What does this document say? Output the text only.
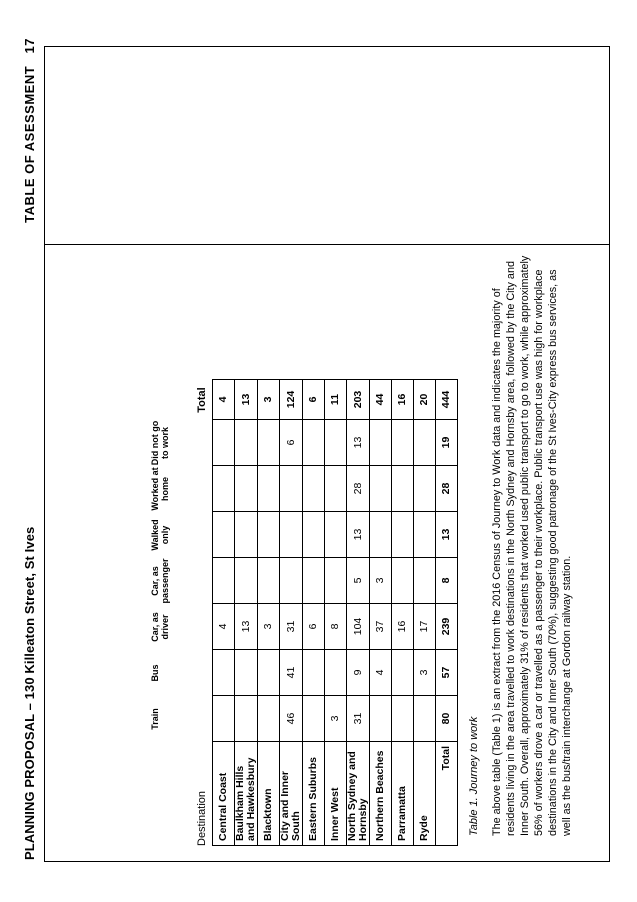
PLANNING PROPOSAL – 130 Killeaton Street, St Ives
TABLE OF ASESSMENT   17
Destination
Train
Bus
Car, as driver
Car, as passenger
Walked only
Worked at home
Did not go to work
Total
Central Coast			4					4
Baulkham Hills and Hawkesbury			13					13
Blacktown			3					3
City and Inner South	46	41	31				6	124
Eastern Suburbs			6					6
Inner West	3		8					11
North Sydney and Hornsby	31	9	104	5	13	28	13	203
Northern Beaches		4	37	3				44
Parramatta			16					16
Ryde		3	17					20
Total	80	57	239	8	13	28	19	444
Table 1. Journey to work The above table (Table 1) is an extract from the 2016 Census of Journey to Work data and indicates the majority of residents living in the area travelled to work destinations in the North Sydney and Hornsby area, followed by the City and Inner South. Overall, approximately 31% of residents that worked used public transport to go to work, while approximately 56% of workers drove a car or travelled as a passenger to their workplace. Public transport use was high for workplace destinations in the City and Inner South (70%), suggesting good patronage of the St Ives-City express bus services, as well as the bus/train interchange at Gordon railway station.
